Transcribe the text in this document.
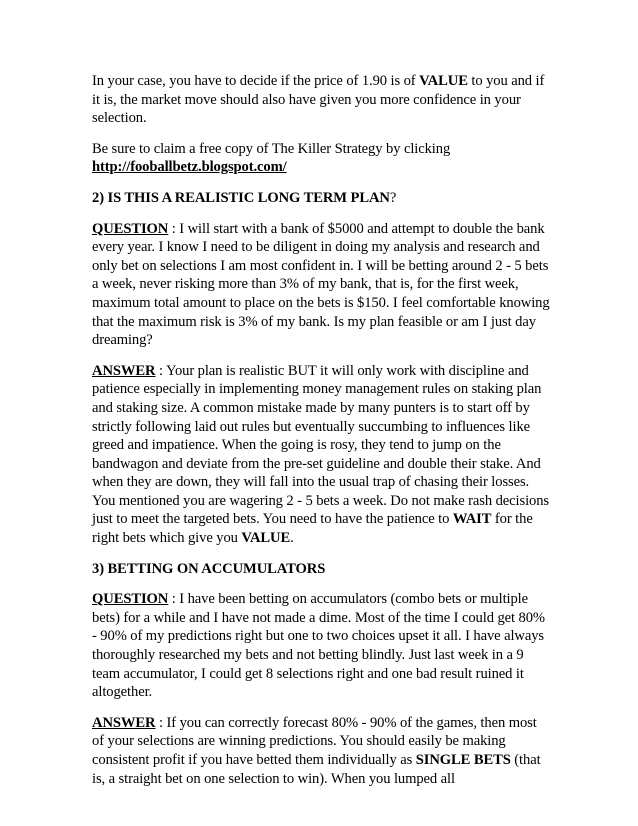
In your case, you have to decide if the price of 1.90 is of VALUE to you and if it is, the market move should also have given you more confidence in your selection.

Be sure to claim a free copy of The Killer Strategy by clicking
http://fooballbetz.blogspot.com/

2) IS THIS A REALISTIC LONG TERM PLAN?

QUESTION : I will start with a bank of $5000 and attempt to double the bank every year. I know I need to be diligent in doing my analysis and research and only bet on selections I am most confident in. I will be betting around 2 - 5 bets a week, never risking more than 3% of my bank, that is, for the first week, maximum total amount to place on the bets is $150. I feel comfortable knowing that the maximum risk is 3% of my bank. Is my plan feasible or am I just day dreaming?

ANSWER : Your plan is realistic BUT it will only work with discipline and patience especially in implementing money management rules on staking plan and staking size. A common mistake made by many punters is to start off by strictly following laid out rules but eventually succumbing to influences like greed and impatience. When the going is rosy, they tend to jump on the bandwagon and deviate from the pre-set guideline and double their stake. And when they are down, they will fall into the usual trap of chasing their losses. You mentioned you are wagering 2 - 5 bets a week. Do not make rash decisions just to meet the targeted bets. You need to have the patience to WAIT for the right bets which give you VALUE.

3) BETTING ON ACCUMULATORS

QUESTION : I have been betting on accumulators (combo bets or multiple bets) for a while and I have not made a dime. Most of the time I could get 80% - 90% of my predictions right but one to two choices upset it all. I have always thoroughly researched my bets and not betting blindly. Just last week in a 9 team accumulator, I could get 8 selections right and one bad result ruined it altogether.

ANSWER : If you can correctly forecast 80% - 90% of the games, then most of your selections are winning predictions. You should easily be making consistent profit if you have betted them individually as SINGLE BETS (that is, a straight bet on one selection to win). When you lumped all
